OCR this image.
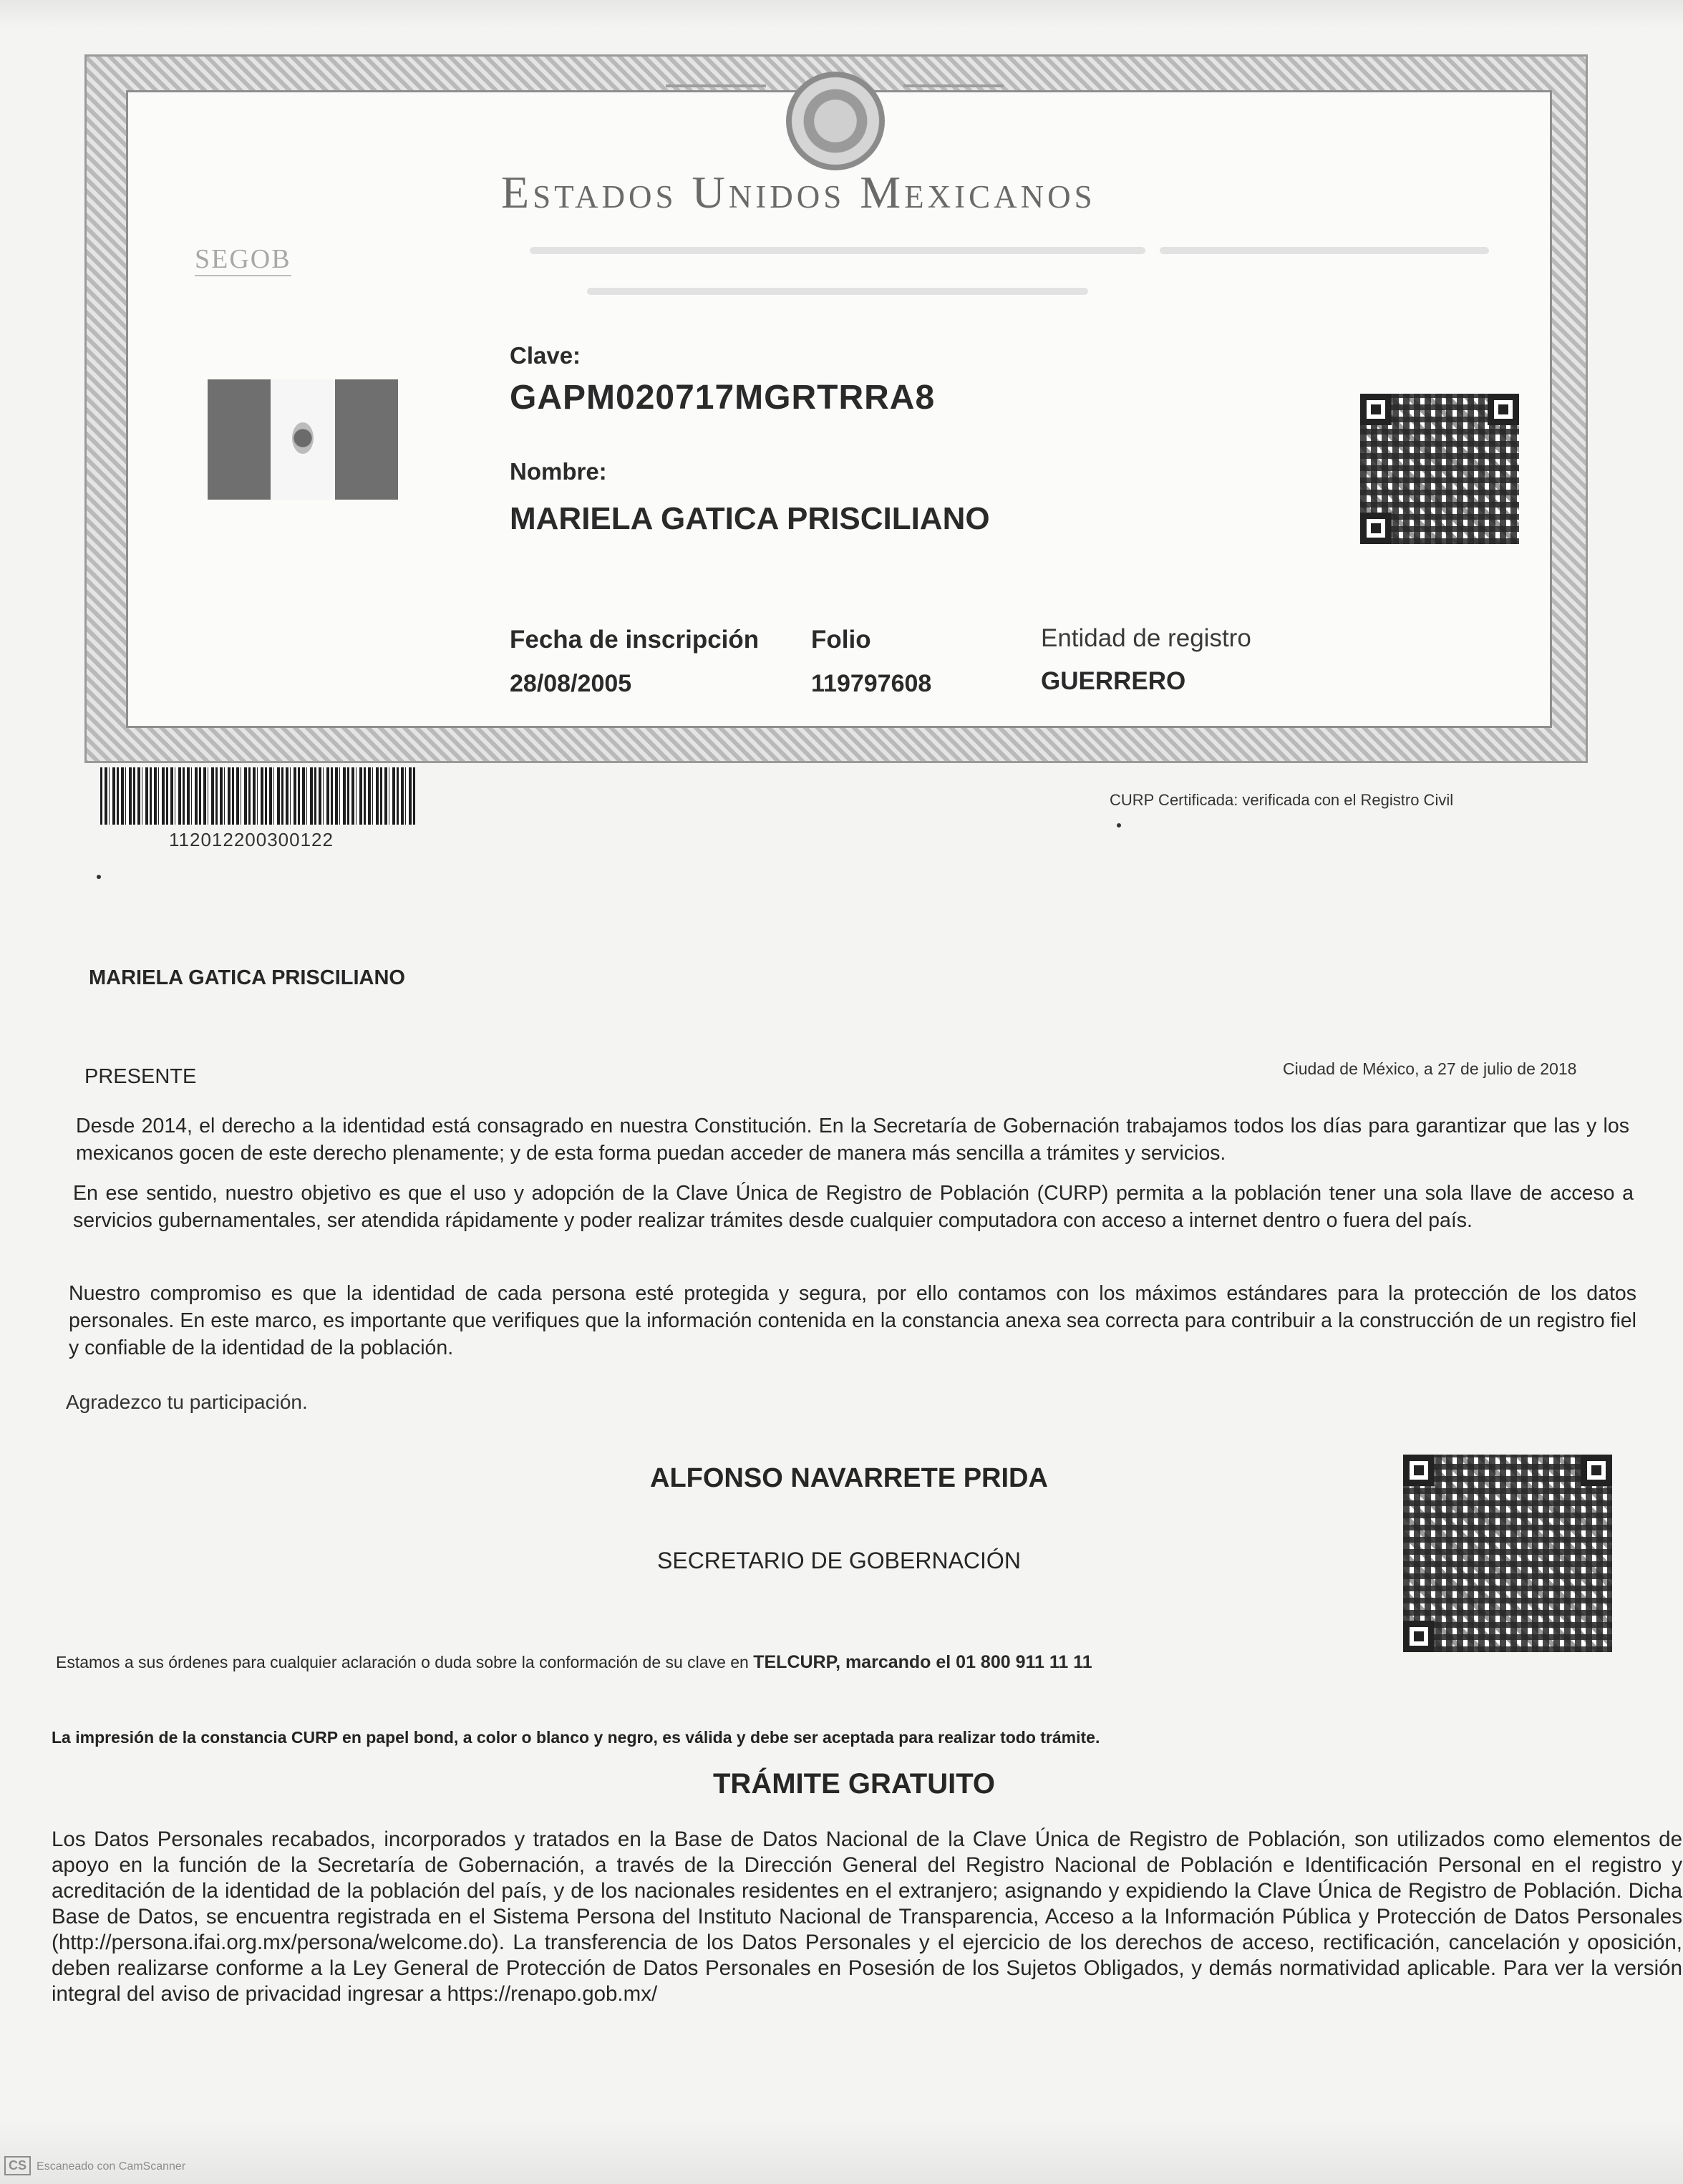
Estados Unidos Mexicanos
SEGOB
Clave:
GAPM020717MGRTRRA8
Nombre:
MARIELA GATICA PRISCILIANO
Fecha de inscripción
28/08/2005
Folio
119797608
Entidad de registro
GUERRERO
112012200300122
CURP Certificada: verificada con el Registro Civil
MARIELA GATICA PRISCILIANO
PRESENTE	Ciudad de México, a 27 de julio de 2018
Desde 2014, el derecho a la identidad está consagrado en nuestra Constitución. En la Secretaría de Gobernación trabajamos todos los días para garantizar que las y los mexicanos gocen de este derecho plenamente; y de esta forma puedan acceder de manera más sencilla a trámites y servicios.
En ese sentido, nuestro objetivo es que el uso y adopción de la Clave Única de Registro de Población (CURP) permita a la población tener una sola llave de acceso a servicios gubernamentales, ser atendida rápidamente y poder realizar trámites desde cualquier computadora con acceso a internet dentro o fuera del país.
Nuestro compromiso es que la identidad de cada persona esté protegida y segura, por ello contamos con los máximos estándares para la protección de los datos personales. En este marco, es importante que verifiques que la información contenida en la constancia anexa sea correcta para contribuir a la construcción de un registro fiel y confiable de la identidad de la población.
Agradezco tu participación.
ALFONSO NAVARRETE PRIDA
SECRETARIO DE GOBERNACIÓN
Estamos a sus órdenes para cualquier aclaración o duda sobre la conformación de su clave en TELCURP, marcando el 01 800 911 11 11
La impresión de la constancia CURP en papel bond, a color o blanco y negro, es válida y debe ser aceptada para realizar todo trámite.
TRÁMITE GRATUITO
Los Datos Personales recabados, incorporados y tratados en la Base de Datos Nacional de la Clave Única de Registro de Población, son utilizados como elementos de apoyo en la función de la Secretaría de Gobernación, a través de la Dirección General del Registro Nacional de Población e Identificación Personal en el registro y acreditación de la identidad de la población del país, y de los nacionales residentes en el extranjero; asignando y expidiendo la Clave Única de Registro de Población. Dicha Base de Datos, se encuentra registrada en el Sistema Persona del Instituto Nacional de Transparencia, Acceso a la Información Pública y Protección de Datos Personales (http://persona.ifai.org.mx/persona/welcome.do). La transferencia de los Datos Personales y el ejercicio de los derechos de acceso, rectificación, cancelación y oposición, deben realizarse conforme a la Ley General de Protección de Datos Personales en Posesión de los Sujetos Obligados, y demás normatividad aplicable. Para ver la versión integral del aviso de privacidad ingresar a https://renapo.gob.mx/
CS Escaneado con CamScanner
